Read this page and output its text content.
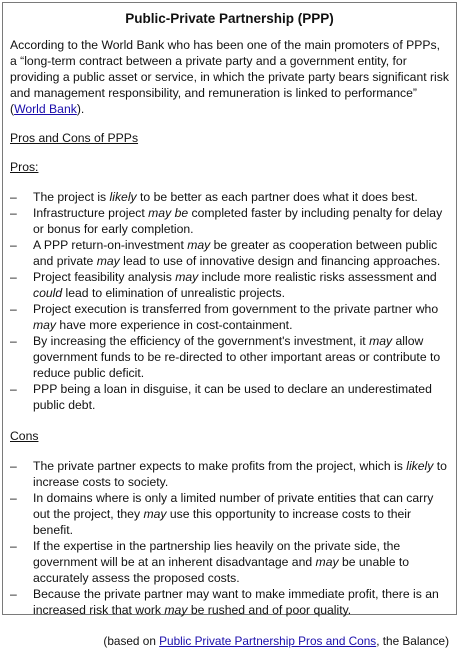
Public-Private Partnership (PPP)

According to the World Bank who has been one of the main promoters of PPPs, a “long-term contract between a private party and a government entity, for providing a public asset or service, in which the private party bears significant risk and management responsibility, and remuneration is linked to performance” (World Bank).

Pros and Cons of PPPs
Pros:
– The project is likely to be better as each partner does what it does best.
– Infrastructure project may be completed faster by including penalty for delay or bonus for early completion.
– A PPP return-on-investment may be greater as cooperation between public and private may lead to use of innovative design and financing approaches.
– Project feasibility analysis may include more realistic risks assessment and could lead to elimination of unrealistic projects.
– Project execution is transferred from government to the private partner who may have more experience in cost-containment.
– By increasing the efficiency of the government's investment, it may allow government funds to be re-directed to other important areas or contribute to reduce public deficit.
– PPP being a loan in disguise, it can be used to declare an underestimated public debt.
Cons
– The private partner expects to make profits from the project, which is likely to increase costs to society.
– In domains where is only a limited number of private entities that can carry out the project, they may use this opportunity to increase costs to their benefit.
– If the expertise in the partnership lies heavily on the private side, the government will be at an inherent disadvantage and may be unable to accurately assess the proposed costs.
– Because the private partner may want to make immediate profit, there is an increased risk that work may be rushed and of poor quality.
(based on Public Private Partnership Pros and Cons, the Balance)
